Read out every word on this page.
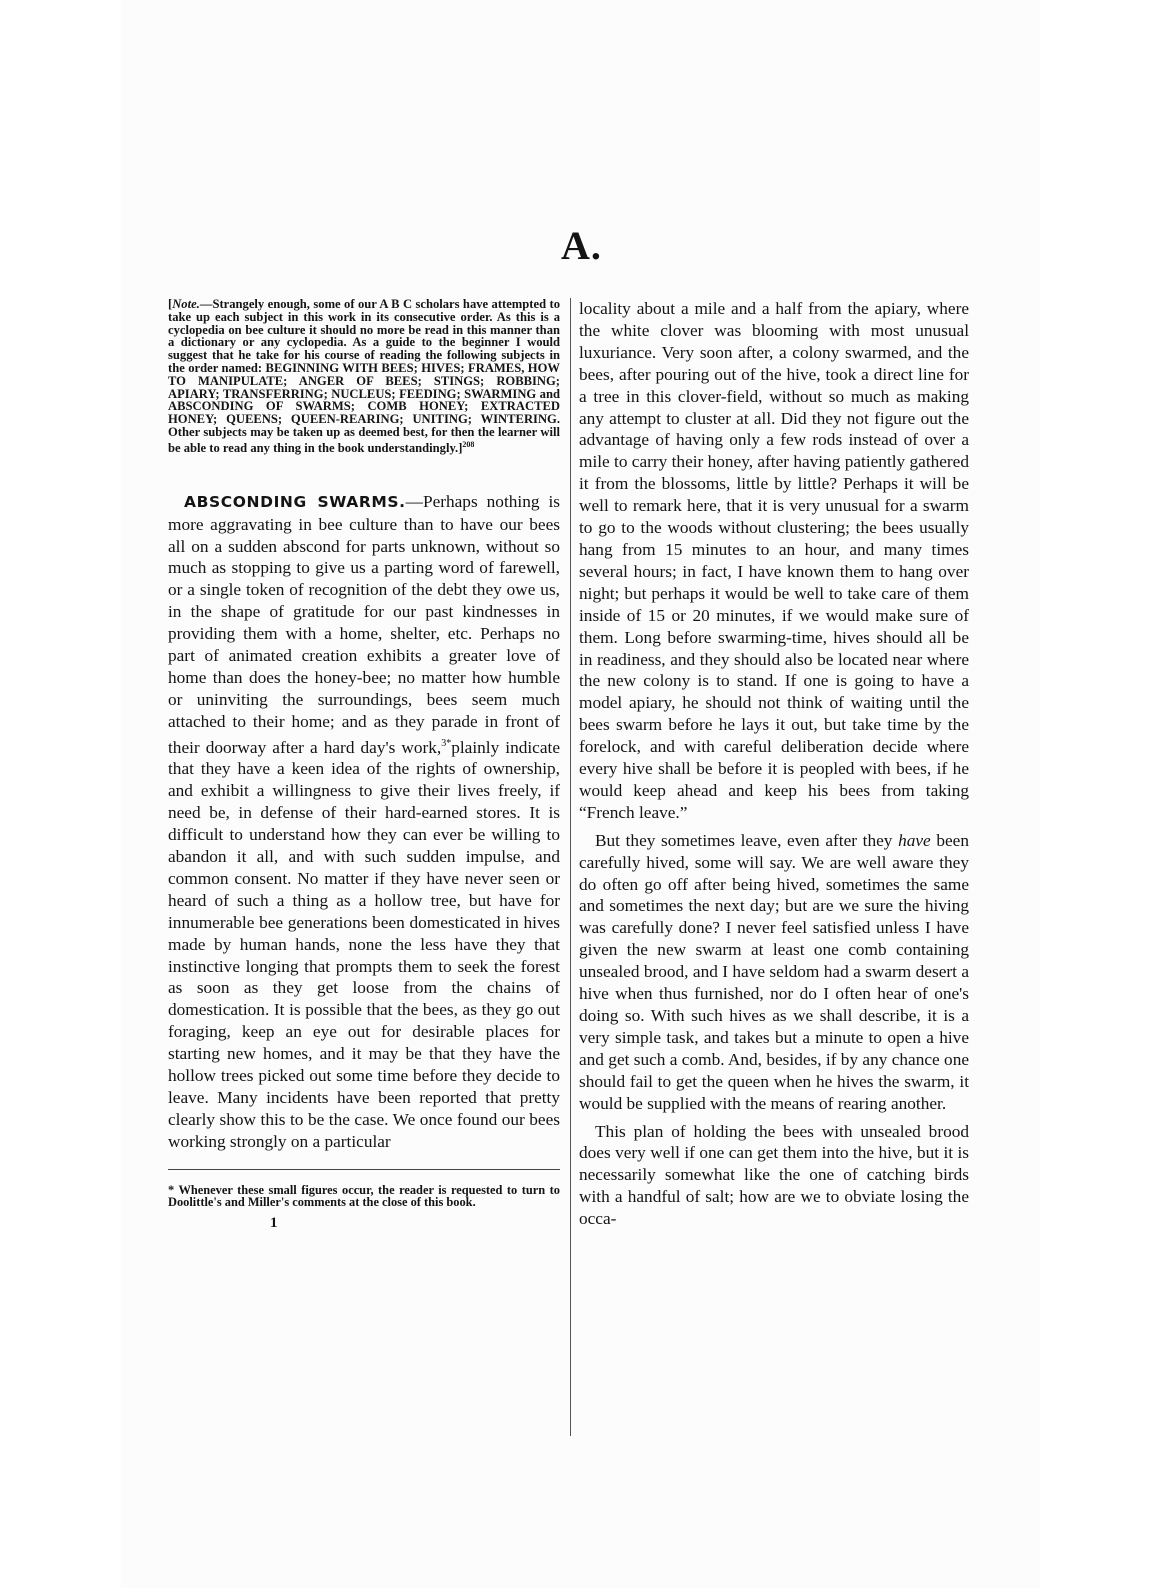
A.
[Note.—Strangely enough, some of our A B C scholars have attempted to take up each subject in this work in its consecutive order. As this is a cyclopedia on bee culture it should no more be read in this manner than a dictionary or any cyclopedia. As a guide to the beginner I would suggest that he take for his course of reading the following subjects in the order named: BEGINNING WITH BEES; HIVES; FRAMES, HOW TO MANIPULATE; ANGER OF BEES; STINGS; ROBBING; APIARY; TRANSFERRING; NUCLEUS; FEEDING; SWARMING and ABSCONDING OF SWARMS; COMB HONEY; EXTRACTED HONEY; QUEENS; QUEEN-REARING; UNITING; WINTERING. Other subjects may be taken up as deemed best, for then the learner will be able to read any thing in the book understandingly.]$^{208}$

ABSCONDING SWARMS.—Perhaps nothing is more aggravating in bee culture than to have our bees all on a sudden abscond for parts unknown, without so much as stopping to give us a parting word of farewell, or a single token of recognition of the debt they owe us, in the shape of gratitude for our past kindnesses in providing them with a home, shelter, etc. Perhaps no part of animated creation exhibits a greater love of home than does the honey-bee; no matter how humble or uninviting the surroundings, bees seem much attached to their home; and as they parade in front of their doorway after a hard day's work,$^{3*}$plainly indicate that they have a keen idea of the rights of ownership, and exhibit a willingness to give their lives freely, if need be, in defense of their hard-earned stores. It is difficult to understand how they can ever be willing to abandon it all, and with such sudden impulse, and common consent. No matter if they have never seen or heard of such a thing as a hollow tree, but have for innumerable bee generations been domesticated in hives made by human hands, none the less have they that instinctive longing that prompts them to seek the forest as soon as they get loose from the chains of domestication. It is possible that the bees, as they go out foraging, keep an eye out for desirable places for starting new homes, and it may be that they have the hollow trees picked out some time before they decide to leave. Many incidents have been reported that pretty clearly show this to be the case. We once found our bees working strongly on a particular

* Whenever these small figures occur, the reader is requested to turn to Doolittle's and Miller's comments at the close of this book.
1

locality about a mile and a half from the apiary, where the white clover was blooming with most unusual luxuriance. Very soon after, a colony swarmed, and the bees, after pouring out of the hive, took a direct line for a tree in this clover-field, without so much as making any attempt to cluster at all. Did they not figure out the advantage of having only a few rods instead of over a mile to carry their honey, after having patiently gathered it from the blossoms, little by little? Perhaps it will be well to remark here, that it is very unusual for a swarm to go to the woods without clustering; the bees usually hang from 15 minutes to an hour, and many times several hours; in fact, I have known them to hang over night; but perhaps it would be well to take care of them inside of 15 or 20 minutes, if we would make sure of them. Long before swarming-time, hives should all be in readiness, and they should also be located near where the new colony is to stand. If one is going to have a model apiary, he should not think of waiting until the bees swarm before he lays it out, but take time by the forelock, and with careful deliberation decide where every hive shall be before it is peopled with bees, if he would keep ahead and keep his bees from taking “French leave.”

But they sometimes leave, even after they have been carefully hived, some will say. We are well aware they do often go off after being hived, sometimes the same and sometimes the next day; but are we sure the hiving was carefully done? I never feel satisfied unless I have given the new swarm at least one comb containing unsealed brood, and I have seldom had a swarm desert a hive when thus furnished, nor do I often hear of one's doing so. With such hives as we shall describe, it is a very simple task, and takes but a minute to open a hive and get such a comb. And, besides, if by any chance one should fail to get the queen when he hives the swarm, it would be supplied with the means of rearing another.

This plan of holding the bees with unsealed brood does very well if one can get them into the hive, but it is necessarily somewhat like the one of catching birds with a handful of salt; how are we to obviate losing the occa-
